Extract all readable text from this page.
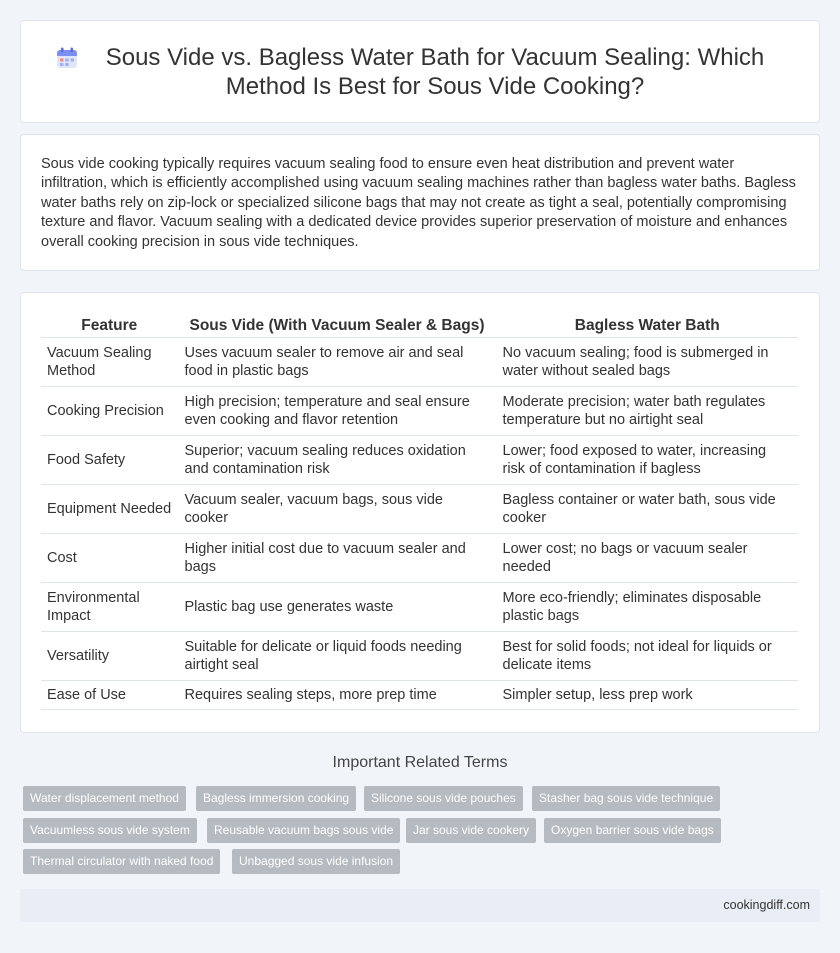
Sous Vide vs. Bagless Water Bath for Vacuum Sealing: Which Method Is Best for Sous Vide Cooking?

Sous vide cooking typically requires vacuum sealing food to ensure even heat distribution and prevent water infiltration, which is efficiently accomplished using vacuum sealing machines rather than bagless water baths. Bagless water baths rely on zip-lock or specialized silicone bags that may not create as tight a seal, potentially compromising texture and flavor. Vacuum sealing with a dedicated device provides superior preservation of moisture and enhances overall cooking precision in sous vide techniques.

Feature	Sous Vide (With Vacuum Sealer & Bags)	Bagless Water Bath
Vacuum Sealing Method	Uses vacuum sealer to remove air and seal food in plastic bags	No vacuum sealing; food is submerged in water without sealed bags
Cooking Precision	High precision; temperature and seal ensure even cooking and flavor retention	Moderate precision; water bath regulates temperature but no airtight seal
Food Safety	Superior; vacuum sealing reduces oxidation and contamination risk	Lower; food exposed to water, increasing risk of contamination if bagless
Equipment Needed	Vacuum sealer, vacuum bags, sous vide cooker	Bagless container or water bath, sous vide cooker
Cost	Higher initial cost due to vacuum sealer and bags	Lower cost; no bags or vacuum sealer needed
Environmental Impact	Plastic bag use generates waste	More eco-friendly; eliminates disposable plastic bags
Versatility	Suitable for delicate or liquid foods needing airtight seal	Best for solid foods; not ideal for liquids or delicate items
Ease of Use	Requires sealing steps, more prep time	Simpler setup, less prep work
Important Related Terms
Water displacement method	Bagless immersion cooking	Silicone sous vide pouches	Stasher bag sous vide technique
Vacuumless sous vide system	Reusable vacuum bags sous vide	Jar sous vide cookery	Oxygen barrier sous vide bags
Thermal circulator with naked food	Unbagged sous vide infusion
cookingdiff.com
